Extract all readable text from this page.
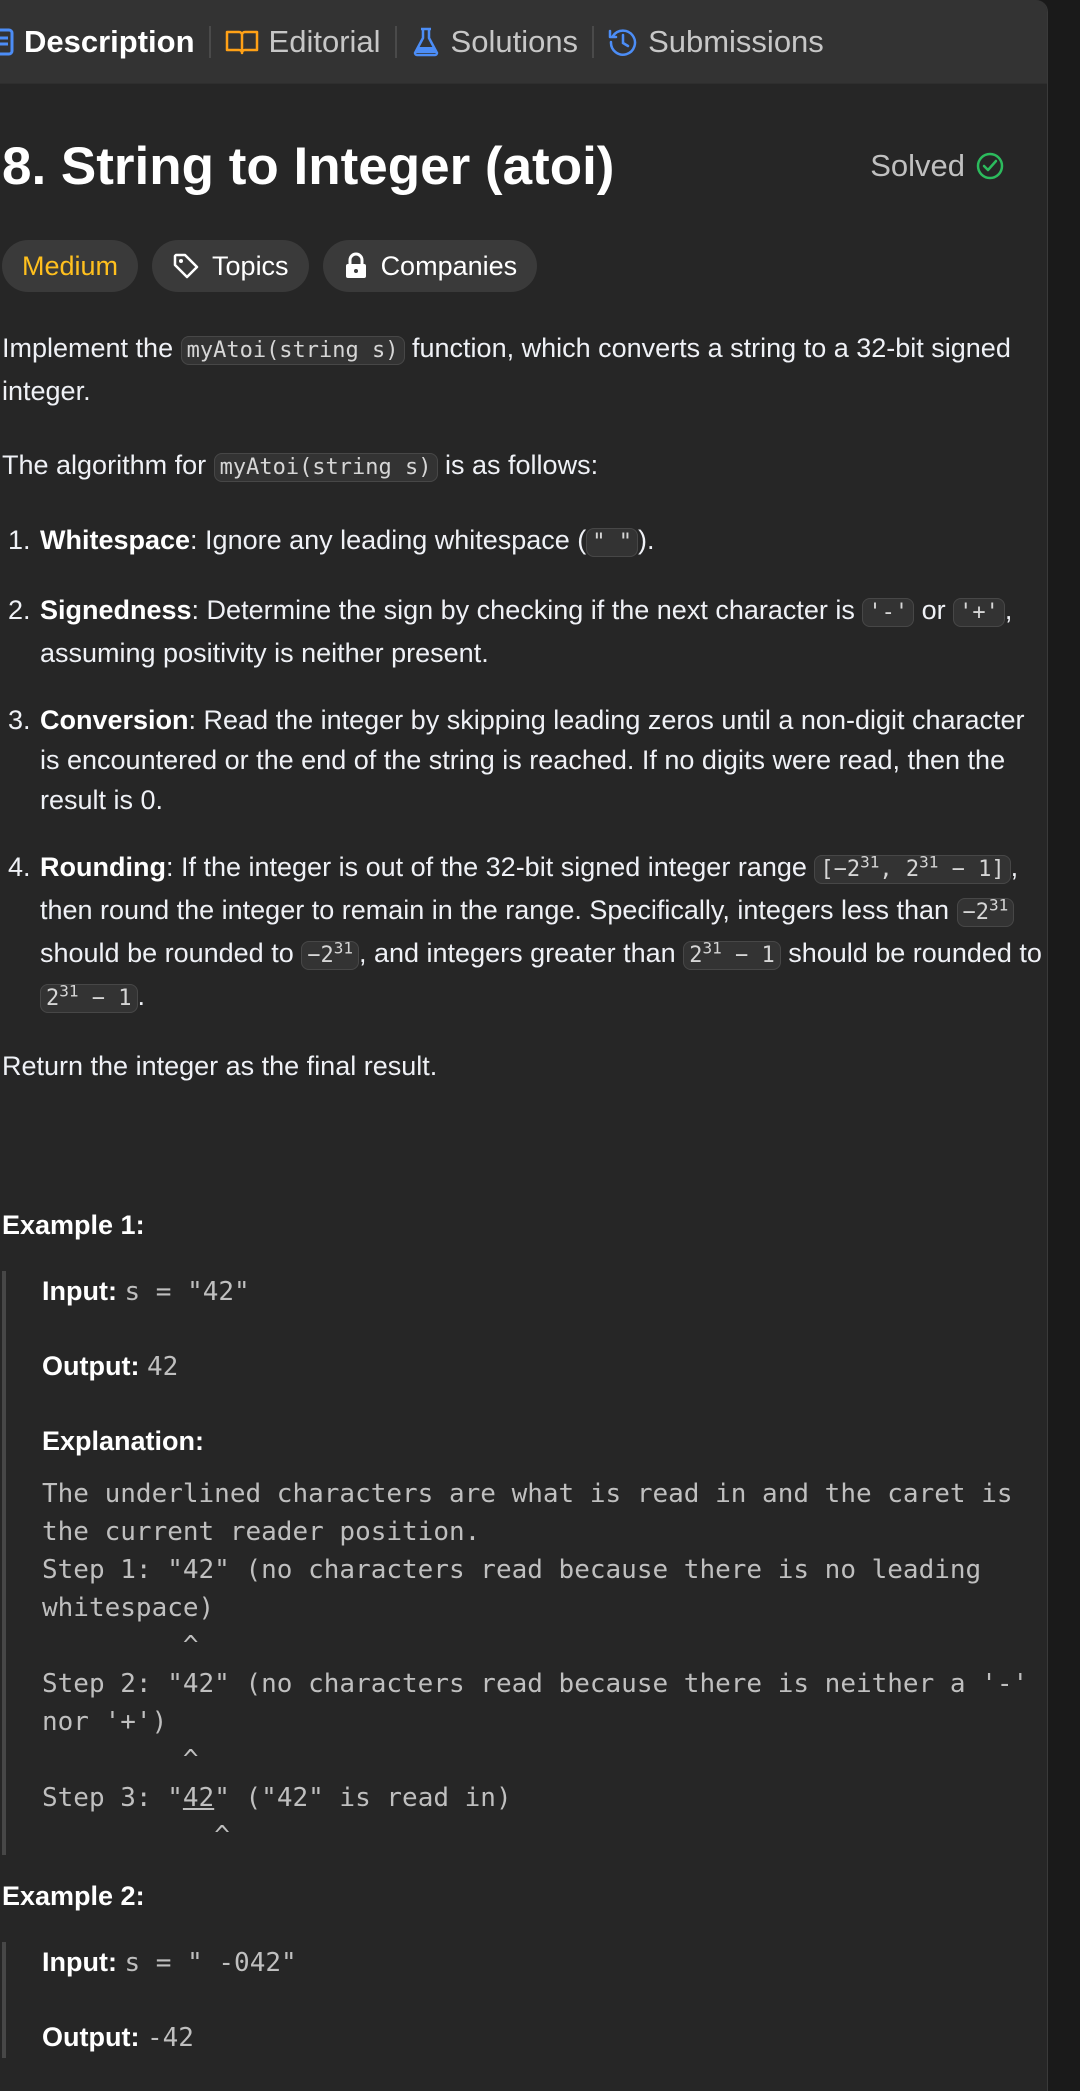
Description Editorial Solutions Submissions
8. String to Integer (atoi)	Solved
Medium	Topics	Companies

Implement the myAtoi(string s) function, which converts a string to a 32-bit signed integer.

The algorithm for myAtoi(string s) is as follows:

1. Whitespace: Ignore any leading whitespace ( " " ).
2. Signedness: Determine the sign by checking if the next character is '-' or '+' , assuming positivity is neither present.
3. Conversion: Read the integer by skipping leading zeros until a non-digit character is encountered or the end of the string is reached. If no digits were read, then the result is 0.
4. Rounding: If the integer is out of the 32-bit signed integer range [$-2^{31}$, $2^{31} - 1$] , then round the integer to remain in the range. Specifically, integers less than $-2^{31}$ should be rounded to $-2^{31}$ , and integers greater than $2^{31} - 1$ should be rounded to $2^{31} - 1$ .

Return the integer as the final result.

Example 1:
Input: s = "42"
Output: 42
Explanation:
The underlined characters are what is read in and the caret is the current reader position.
Step 1: "42" (no characters read because there is no leading whitespace)
^
Step 2: "42" (no characters read because there is neither a '-' nor '+')
^
Step 3: "42" ("42" is read in)
^
Example 2:
Input: s = " -042"
Output: -42
